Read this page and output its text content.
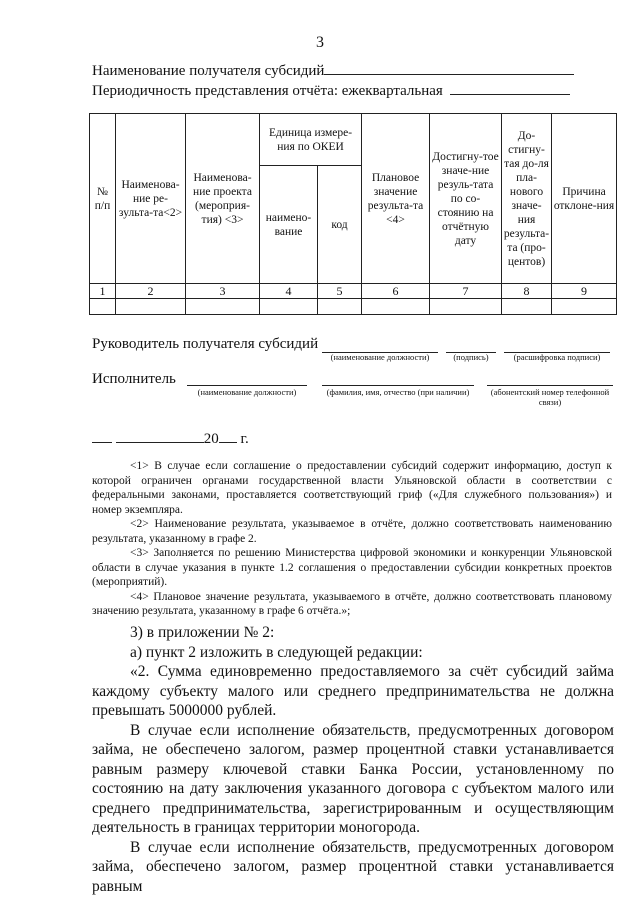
3
Наименование получателя субсидий
Периодичность представления отчёта: ежеквартальная
№ п/п	Наименова-ние ре-зульта-та<2>	Наименова-ние проекта (мероприя-тия) <3>	Единица измере-ния по ОКЕИ		Плановое значение результа-та <4>	Достигну-тое значе-ние резуль-тата по со-стоянию на отчётную дату	До-стигну-тая до-ля пла-нового значе-ния результа-та (про-центов)	Причина отклоне-ния
			наимено-вание	код				
1	2	3	4	5	6	7	8	9

Руководитель получателя субсидий
(наименование должности)	(подпись)	(расшифровка подписи)
Исполнитель
(наименование должности)	(фамилия, имя, отчество (при наличии)	(абонентский номер телефонной связи)
20 г.

<1> В случае если соглашение о предоставлении субсидий содержит информацию, доступ к которой ограничен органами государственной власти Ульяновской области в соответствии с федеральными законами, проставляется соответствующий гриф («Для служебного пользования») и номер экземпляра.

<2> Наименование результата, указываемое в отчёте, должно соответствовать наименованию результата, указанному в графе 2.

<3> Заполняется по решению Министерства цифровой экономики и конкуренции Ульяновской области в случае указания в пункте 1.2 соглашения о предоставлении субсидии конкретных проектов (мероприятий).

<4> Плановое значение результата, указываемого в отчёте, должно соответствовать плановому значению результата, указанному в графе 6 отчёта.»;

3) в приложении № 2:

а) пункт 2 изложить в следующей редакции:

«2. Сумма единовременно предоставляемого за счёт субсидий займа каждому субъекту малого или среднего предпринимательства не должна превышать 5000000 рублей.

В случае если исполнение обязательств, предусмотренных договором займа, не обеспечено залогом, размер процентной ставки устанавливается равным размеру ключевой ставки Банка России, установленному по состоянию на дату заключения указанного договора с субъектом малого или среднего предпринимательства, зарегистрированным и осуществляющим деятельность в границах территории моногорода.

В случае если исполнение обязательств, предусмотренных договором займа, обеспечено залогом, размер процентной ставки устанавливается равным
